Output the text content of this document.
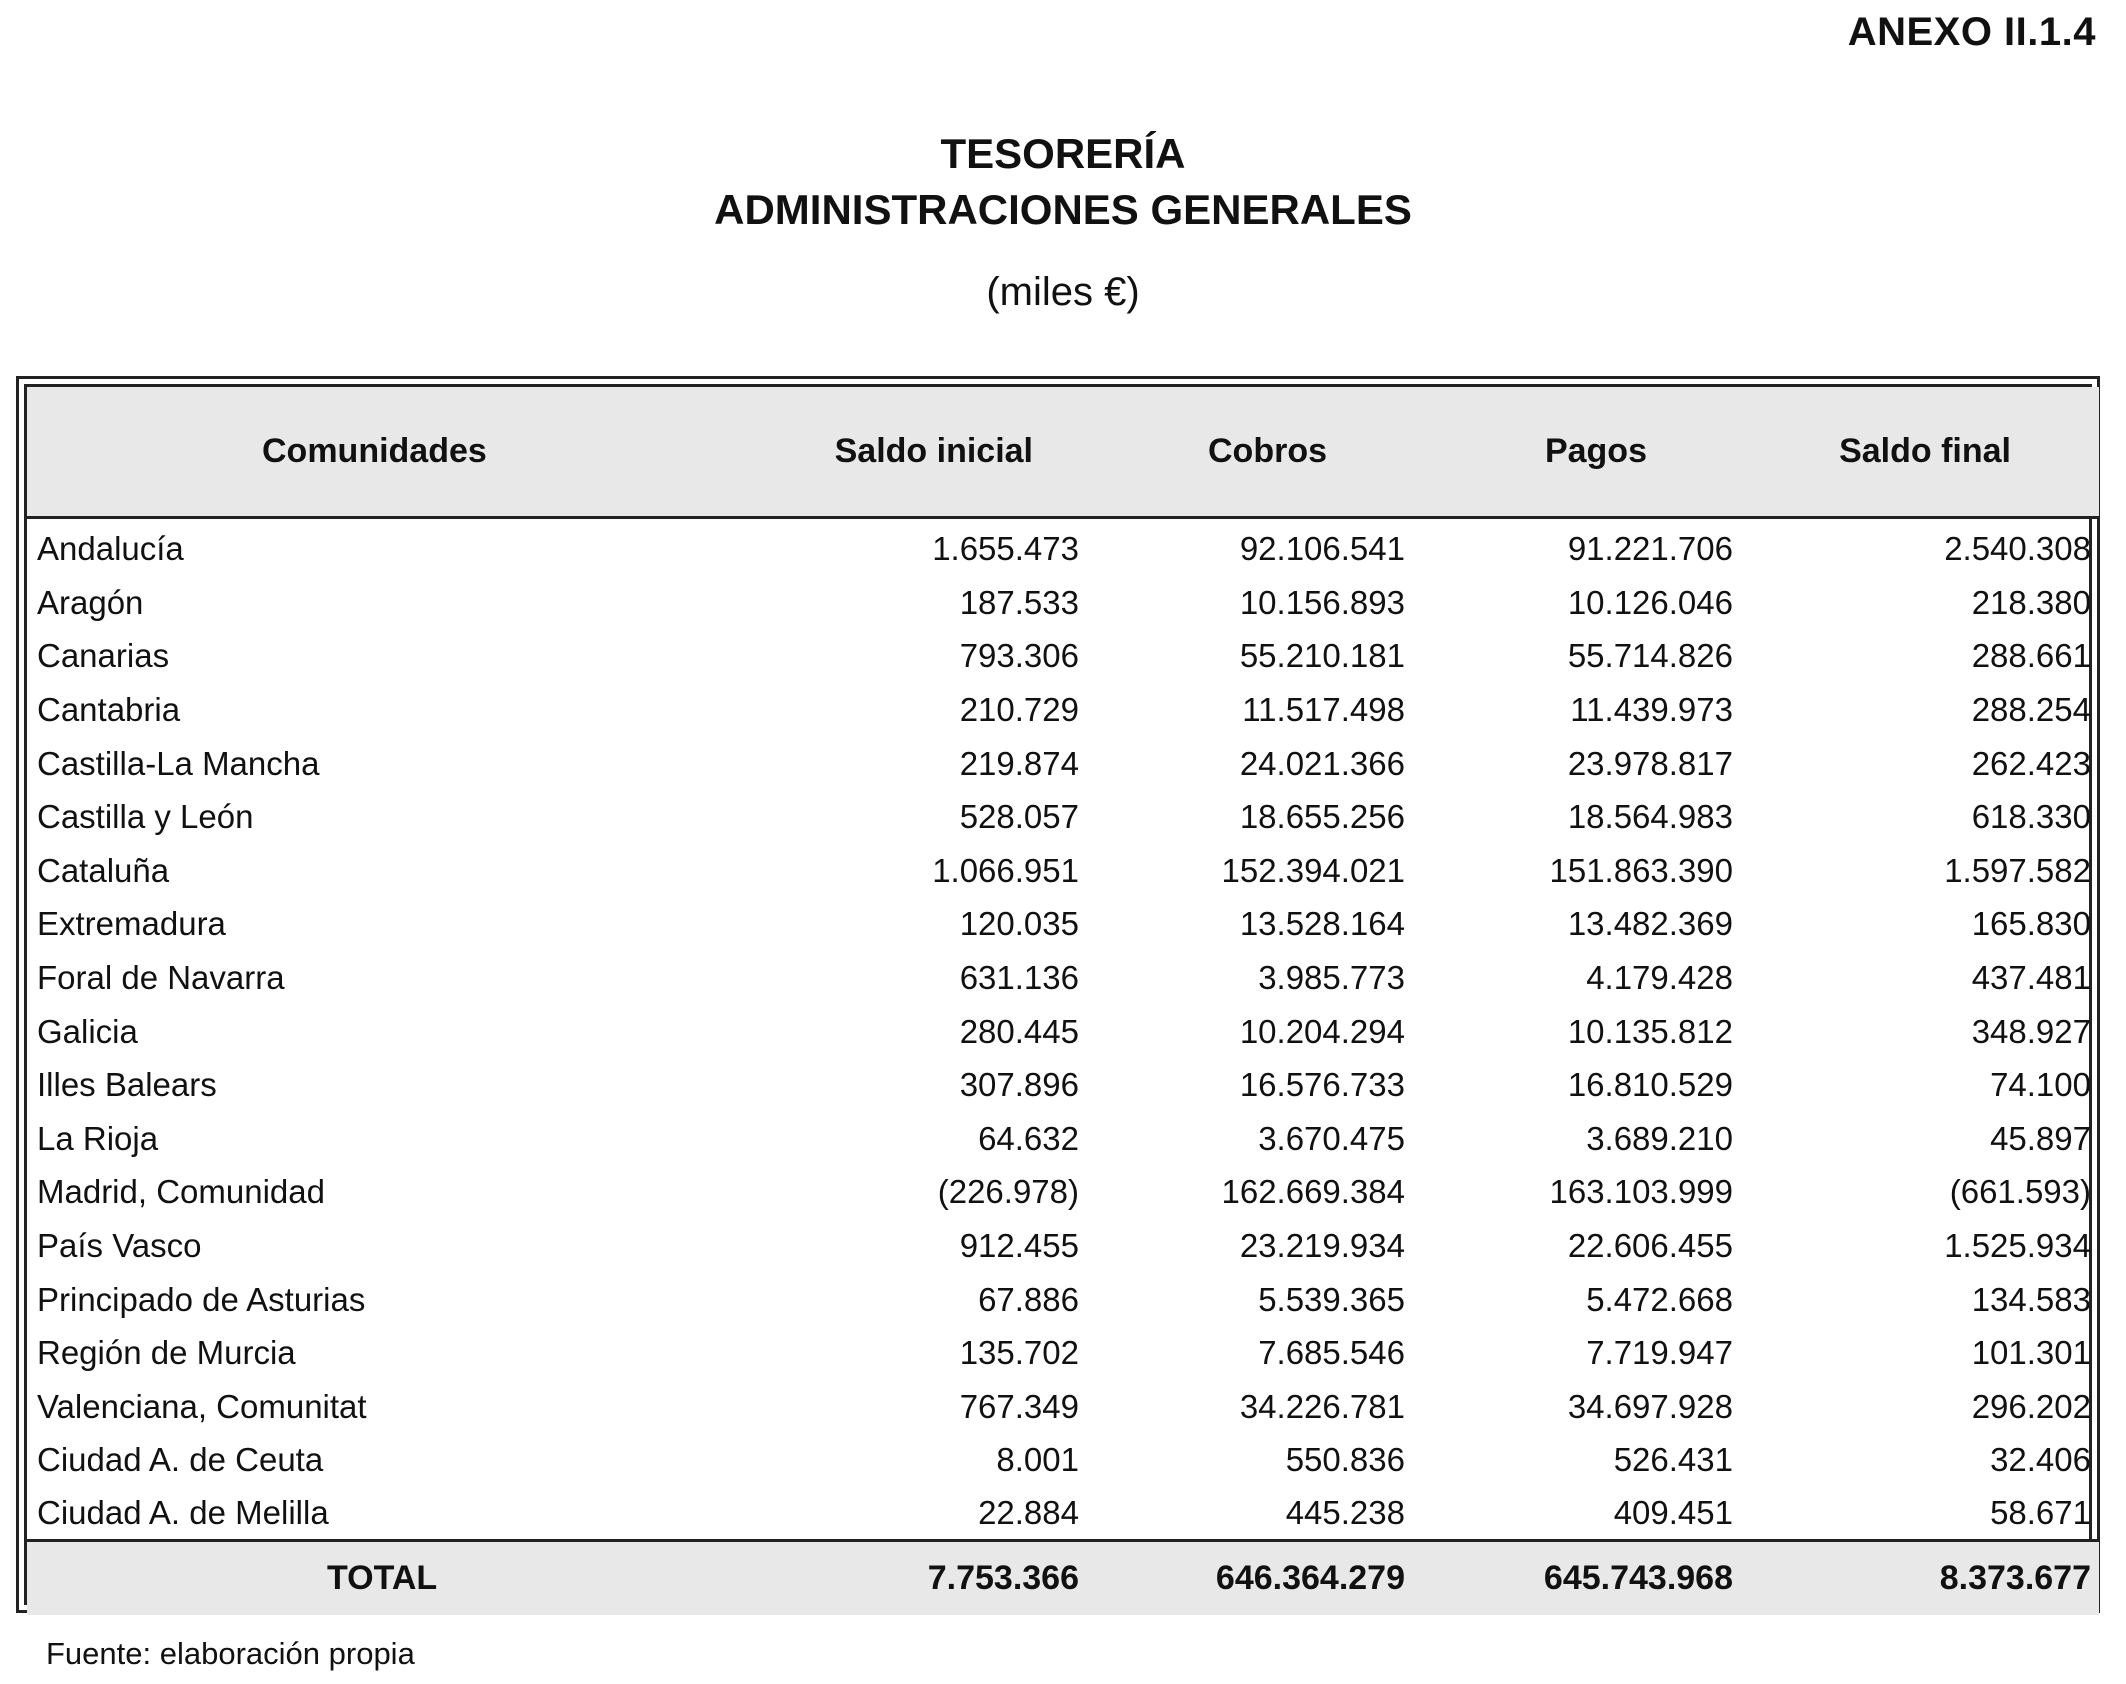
ANEXO II.1.4
TESORERÍA
ADMINISTRACIONES GENERALES
(miles €)
Comunidades	Saldo inicial	Cobros	Pagos	Saldo final

Andalucía	1.655.473	92.106.541	91.221.706	2.540.308
Aragón	187.533	10.156.893	10.126.046	218.380
Canarias	793.306	55.210.181	55.714.826	288.661
Cantabria	210.729	11.517.498	11.439.973	288.254
Castilla-La Mancha	219.874	24.021.366	23.978.817	262.423
Castilla y León	528.057	18.655.256	18.564.983	618.330
Cataluña	1.066.951	152.394.021	151.863.390	1.597.582
Extremadura	120.035	13.528.164	13.482.369	165.830
Foral de Navarra	631.136	3.985.773	4.179.428	437.481
Galicia	280.445	10.204.294	10.135.812	348.927
Illes Balears	307.896	16.576.733	16.810.529	74.100
La Rioja	64.632	3.670.475	3.689.210	45.897
Madrid, Comunidad	(226.978)	162.669.384	163.103.999	(661.593)
País Vasco	912.455	23.219.934	22.606.455	1.525.934
Principado de Asturias	67.886	5.539.365	5.472.668	134.583
Región de Murcia	135.702	7.685.546	7.719.947	101.301
Valenciana, Comunitat	767.349	34.226.781	34.697.928	296.202
Ciudad A. de Ceuta	8.001	550.836	526.431	32.406
Ciudad A. de Melilla	22.884	445.238	409.451	58.671
TOTAL	7.753.366	646.364.279	645.743.968	8.373.677
Fuente: elaboración propia
